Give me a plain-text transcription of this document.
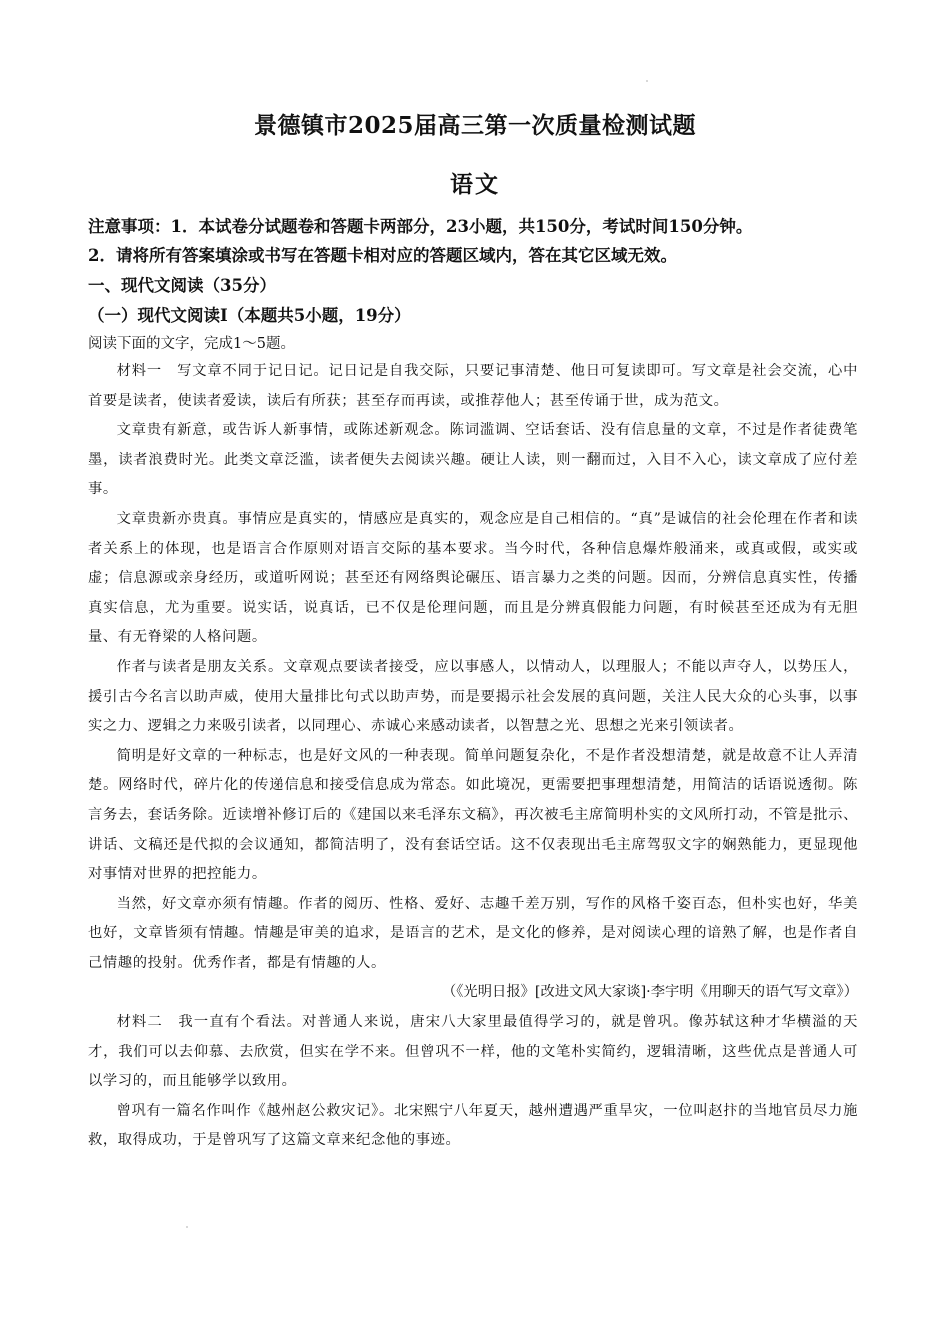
景德镇市2025届高三第一次质量检测试题
语文
注意事项：1．本试卷分试题卷和答题卡两部分，23小题，共150分，考试时间150分钟。
2．请将所有答案填涂或书写在答题卡相对应的答题区域内，答在其它区域无效。
一、现代文阅读（35分）
（一）现代文阅读Ⅰ（本题共5小题，19分）
阅读下面的文字，完成1～5题。

材料一　写文章不同于记日记。记日记是自我交际，只要记事清楚、他日可复读即可。写文章是社会交流，心中首要是读者，使读者爱读，读后有所获；甚至存而再读，或推荐他人；甚至传诵于世，成为范文。

文章贵有新意，或告诉人新事情，或陈述新观念。陈词滥调、空话套话、没有信息量的文章，不过是作者徒费笔墨，读者浪费时光。此类文章泛滥，读者便失去阅读兴趣。硬让人读，则一翻而过，入目不入心，读文章成了应付差事。

文章贵新亦贵真。事情应是真实的，情感应是真实的，观念应是自己相信的。“真”是诚信的社会伦理在作者和读者关系上的体现，也是语言合作原则对语言交际的基本要求。当今时代，各种信息爆炸般涌来，或真或假，或实或虚；信息源或亲身经历，或道听网说；甚至还有网络舆论碾压、语言暴力之类的问题。因而，分辨信息真实性，传播真实信息，尤为重要。说实话，说真话，已不仅是伦理问题，而且是分辨真假能力问题，有时候甚至还成为有无胆量、有无脊梁的人格问题。

作者与读者是朋友关系。文章观点要读者接受，应以事感人，以情动人，以理服人；不能以声夺人，以势压人，援引古今名言以助声威，使用大量排比句式以助声势，而是要揭示社会发展的真问题，关注人民大众的心头事，以事实之力、逻辑之力来吸引读者，以同理心、赤诚心来感动读者，以智慧之光、思想之光来引领读者。

简明是好文章的一种标志，也是好文风的一种表现。简单问题复杂化，不是作者没想清楚，就是故意不让人弄清楚。网络时代，碎片化的传递信息和接受信息成为常态。如此境况，更需要把事理想清楚，用简洁的话语说透彻。陈言务去，套话务除。近读增补修订后的《建国以来毛泽东文稿》，再次被毛主席简明朴实的文风所打动，不管是批示、讲话、文稿还是代拟的会议通知，都简洁明了，没有套话空话。这不仅表现出毛主席驾驭文字的娴熟能力，更显现他对事情对世界的把控能力。

当然，好文章亦须有情趣。作者的阅历、性格、爱好、志趣千差万别，写作的风格千姿百态，但朴实也好，华美也好，文章皆须有情趣。情趣是审美的追求，是语言的艺术，是文化的修养，是对阅读心理的谙熟了解，也是作者自己情趣的投射。优秀作者，都是有情趣的人。

（《光明日报》[改进文风大家谈]·李宇明《用聊天的语气写文章》）

材料二　我一直有个看法。对普通人来说，唐宋八大家里最值得学习的，就是曾巩。像苏轼这种才华横溢的天才，我们可以去仰慕、去欣赏，但实在学不来。但曾巩不一样，他的文笔朴实简约，逻辑清晰，这些优点是普通人可以学习的，而且能够学以致用。

曾巩有一篇名作叫作《越州赵公救灾记》。北宋熙宁八年夏天，越州遭遇严重旱灾，一位叫赵抃的当地官员尽力施救，取得成功，于是曾巩写了这篇文章来纪念他的事迹。
